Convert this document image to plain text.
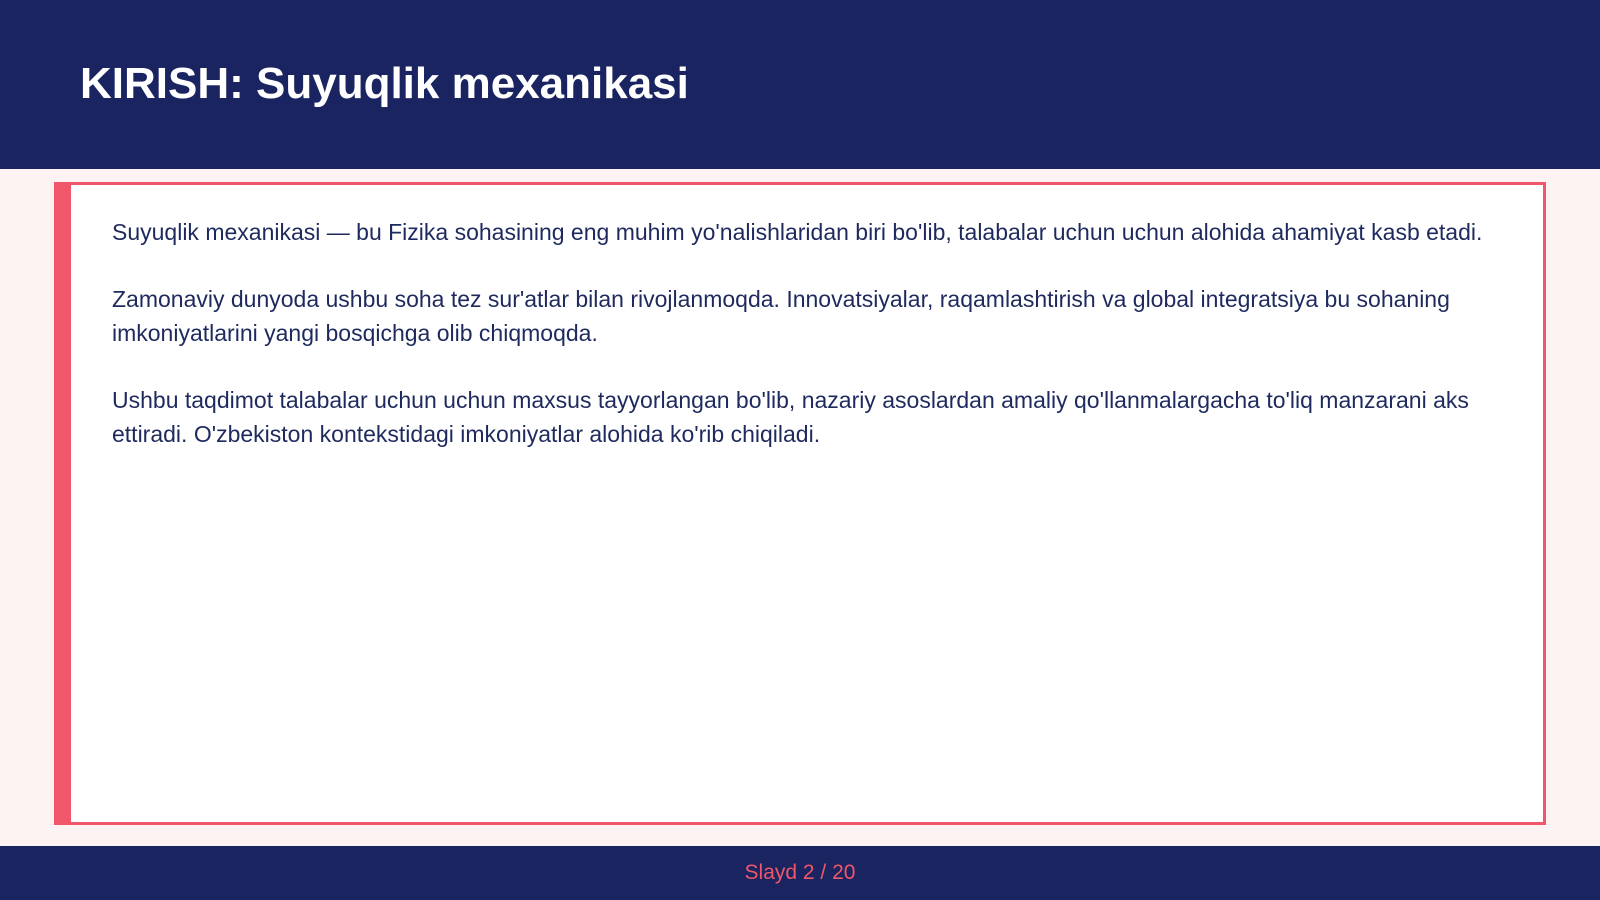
KIRISH: Suyuqlik mexanikasi

Suyuqlik mexanikasi — bu Fizika sohasining eng muhim yo'nalishlaridan biri bo'lib, talabalar uchun uchun alohida ahamiyat kasb etadi.

Zamonaviy dunyoda ushbu soha tez sur'atlar bilan rivojlanmoqda. Innovatsiyalar, raqamlashtirish va global integratsiya bu sohaning imkoniyatlarini yangi bosqichga olib chiqmoqda.

Ushbu taqdimot talabalar uchun uchun maxsus tayyorlangan bo'lib, nazariy asoslardan amaliy qo'llanmalargacha to'liq manzarani aks ettiradi. O'zbekiston kontekstidagi imkoniyatlar alohida ko'rib chiqiladi.

Slayd 2 / 20
